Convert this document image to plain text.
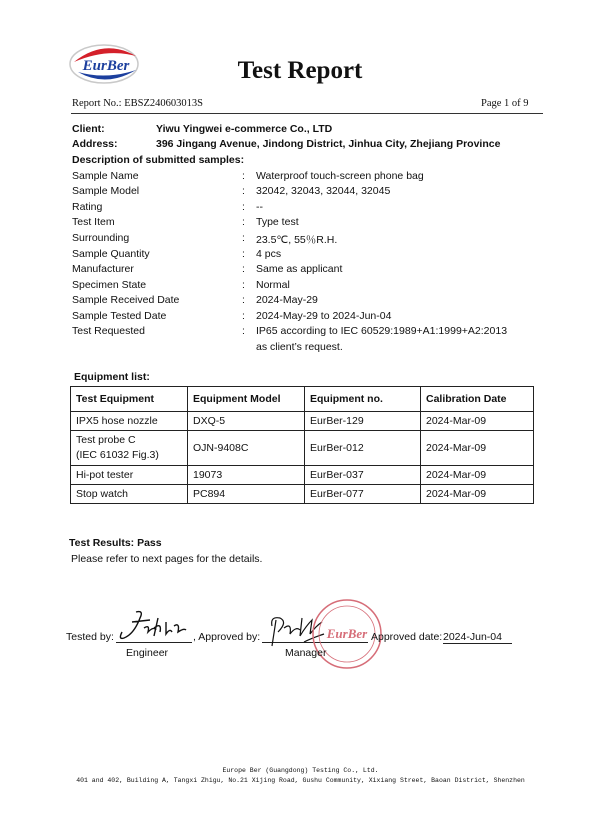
EurBer	Test Report
Report No.: EBSZ240603013S	Page 1 of 9
Client:	Yiwu Yingwei e-commerce Co., LTD
Address:	396 Jingang Avenue, Jindong District, Jinhua City, Zhejiang Province
Description of submitted samples:
Sample Name	: Waterproof touch-screen phone bag
Sample Model	: 32042, 32043, 32044, 32045
Rating	: --
Test Item	: Type test
Surrounding	: 23.5℃, 55％R.H.
Sample Quantity	: 4 pcs
Manufacturer	: Same as applicant
Specimen State	: Normal
Sample Received Date	: 2024-May-29
Sample Tested Date	: 2024-May-29 to 2024-Jun-04
Test Requested	: IP65 according to IEC 60529:1989+A1:1999+A2:2013
as client’s request.
Equipment list:
Test Equipment	Equipment Model	Equipment no.	Calibration Date
IPX5 hose nozzle	DXQ-5	EurBer-129	2024-Mar-09

Test probe C
(IEC 61032 Fig.3)	OJN-9408C	EurBer-012	2024-Mar-09
Hi-pot tester	19073	EurBer-037	2024-Mar-09
Stop watch	PC894	EurBer-077	2024-Mar-09
Test Results: Pass
Please refer to next pages for the details.
Tested by:	, Approved by:	EurBer Approved date: 2024-Jun-04
Engineer	Manager
Europe Ber (Guangdong) Testing Co., Ltd.
401 and 402, Building A, Tangxi Zhigu, No.21 Xijing Road, Gushu Community, Xixiang Street, Baoan District, Shenzhen
